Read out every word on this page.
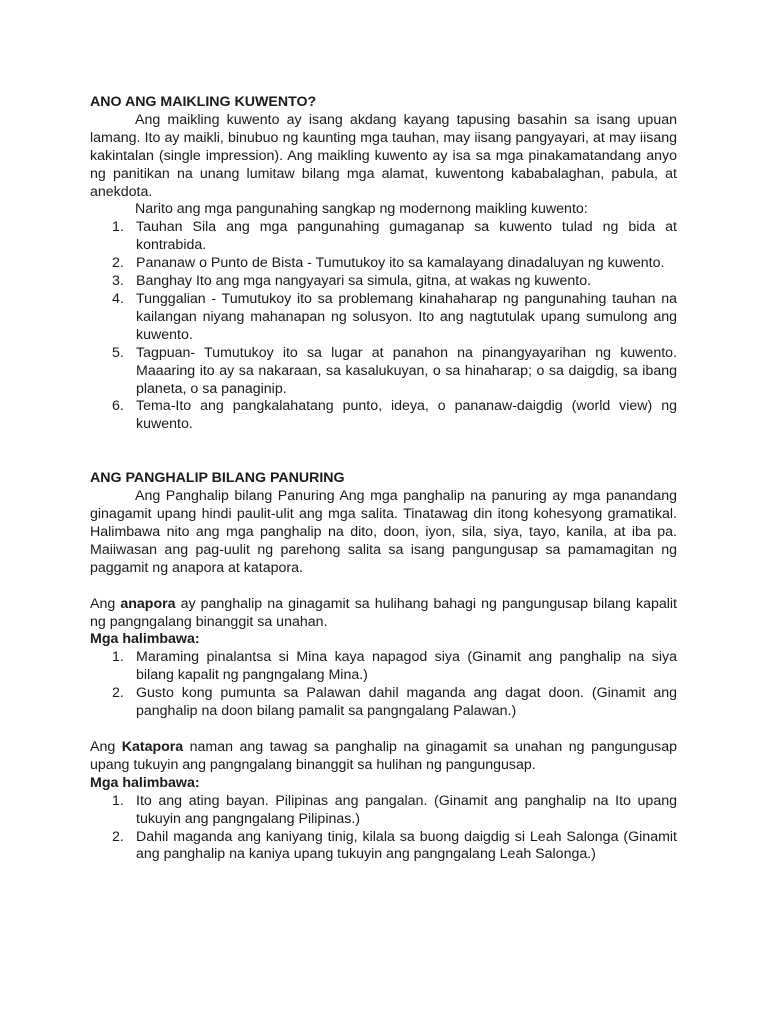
ANO ANG MAIKLING KUWENTO?

Ang maikling kuwento ay isang akdang kayang tapusing basahin sa isang upuan lamang. Ito ay maikli, binubuo ng kaunting mga tauhan, may iisang pangyayari, at may iisang kakintalan (single impression). Ang maikling kuwento ay isa sa mga pinakamatandang anyo ng panitikan na unang lumitaw bilang mga alamat, kuwentong kababalaghan, pabula, at anekdota.

Narito ang mga pangunahing sangkap ng modernong maikling kuwento:

1. Tauhan Sila ang mga pangunahing gumaganap sa kuwento tulad ng bida at kontrabida.
2. Pananaw o Punto de Bista - Tumutukoy ito sa kamalayang dinadaluyan ng kuwento.
3. Banghay Ito ang mga nangyayari sa simula, gitna, at wakas ng kuwento.
4. Tunggalian - Tumutukoy ito sa problemang kinahaharap ng pangunahing tauhan na kailangan niyang mahanapan ng solusyon. Ito ang nagtutulak upang sumulong ang kuwento.
5. Tagpuan- Tumutukoy ito sa lugar at panahon na pinangyayarihan ng kuwento. Maaaring ito ay sa nakaraan, sa kasalukuyan, o sa hinaharap; o sa daigdig, sa ibang planeta, o sa panaginip.
6. Tema-Ito ang pangkalahatang punto, ideya, o pananaw-daigdig (world view) ng kuwento.

ANG PANGHALIP BILANG PANURING

Ang Panghalip bilang Panuring Ang mga panghalip na panuring ay mga panandang ginagamit upang hindi paulit-ulit ang mga salita. Tinatawag din itong kohesyong gramatikal. Halimbawa nito ang mga panghalip na dito, doon, iyon, sila, siya, tayo, kanila, at iba pa. Maiiwasan ang pag-uulit ng parehong salita sa isang pangungusap sa pamamagitan ng paggamit ng anapora at katapora.

Ang anapora ay panghalip na ginagamit sa hulihang bahagi ng pangungusap bilang kapalit ng pangngalang binanggit sa unahan.

Mga halimbawa:

1. Maraming pinalantsa si Mina kaya napagod siya (Ginamit ang panghalip na siya bilang kapalit ng pangngalang Mina.)
2. Gusto kong pumunta sa Palawan dahil maganda ang dagat doon. (Ginamit ang panghalip na doon bilang pamalit sa pangngalang Palawan.)

Ang Katapora naman ang tawag sa panghalip na ginagamit sa unahan ng pangungusap upang tukuyin ang pangngalang binanggit sa hulihan ng pangungusap.

Mga halimbawa:

1. Ito ang ating bayan. Pilipinas ang pangalan. (Ginamit ang panghalip na Ito upang tukuyin ang pangngalang Pilipinas.)
2. Dahil maganda ang kaniyang tinig, kilala sa buong daigdig si Leah Salonga (Ginamit ang panghalip na kaniya upang tukuyin ang pangngalang Leah Salonga.)
